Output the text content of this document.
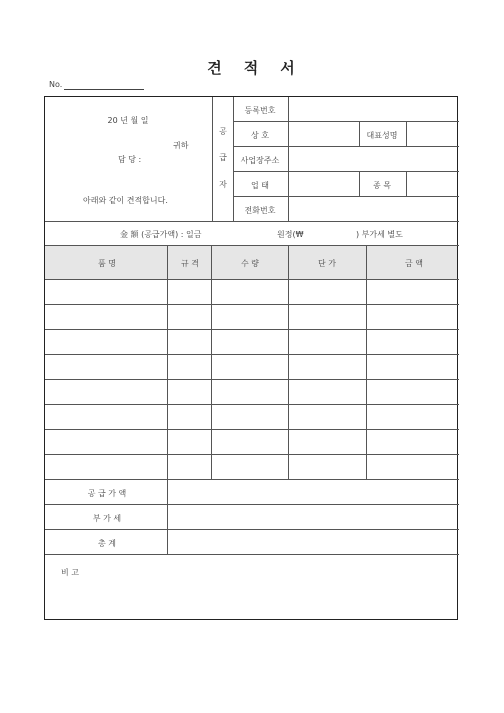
견 적 서
No.
20 년 월 일
귀하
담 당 :
아래와 같이 견적합니다.
공
급
자
등록번호
상 호	대표성명
사업장주소
업 태	종 목
전화번호
金 額 (공급가액) : 일금	원정(₩	) 부가세 별도
품 명	규 격	수 량	단 가	금 액
공 급 가 액
부 가 세
총 계
비 고
